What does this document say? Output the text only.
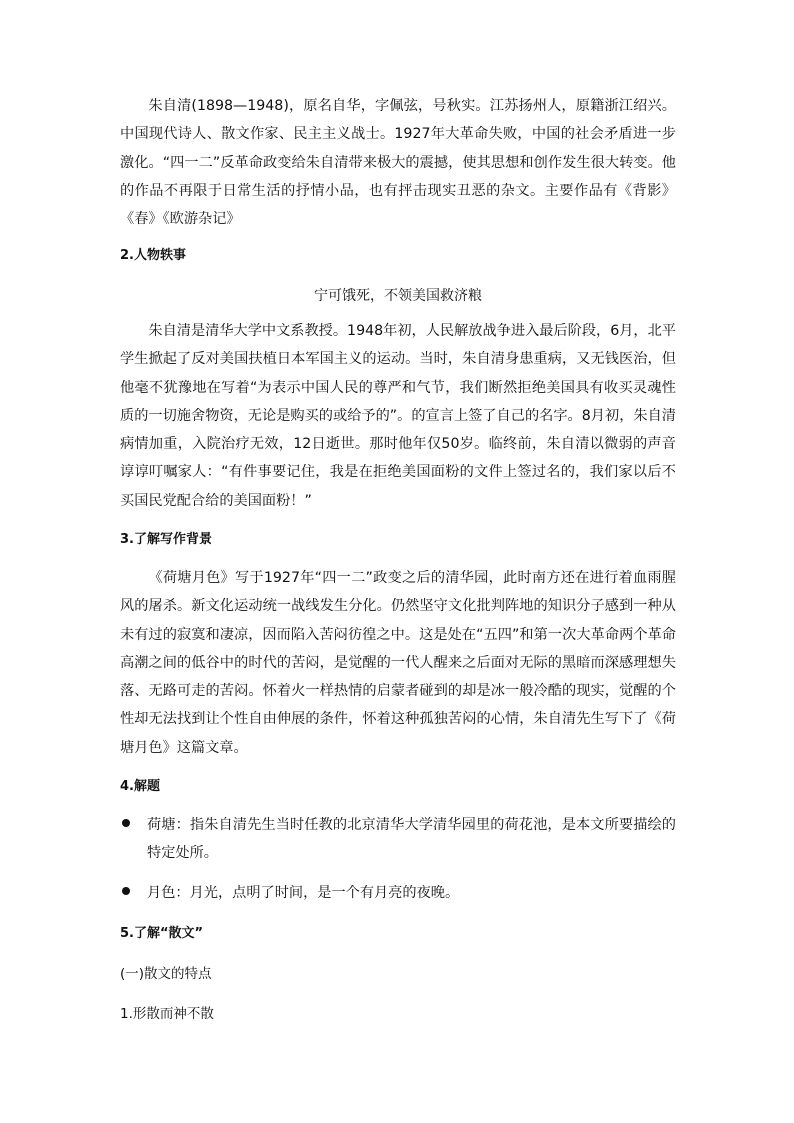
朱自清(1898—1948)，原名自华，字佩弦，号秋实。江苏扬州人，原籍浙江绍兴。中国现代诗人、散文作家、民主主义战士。1927年大革命失败，中国的社会矛盾进一步激化。“四一二”反革命政变给朱自清带来极大的震撼，使其思想和创作发生很大转变。他的作品不再限于日常生活的抒情小品，也有抨击现实丑恶的杂文。主要作品有《背影》《春》《欧游杂记》

2.人物轶事

宁可饿死，不领美国救济粮

朱自清是清华大学中文系教授。1948年初，人民解放战争进入最后阶段，6月，北平学生掀起了反对美国扶植日本军国主义的运动。当时，朱自清身患重病，又无钱医治，但他毫不犹豫地在写着“为表示中国人民的尊严和气节，我们断然拒绝美国具有收买灵魂性质的一切施舍物资，无论是购买的或给予的”。的宣言上签了自己的名字。8月初，朱自清病情加重，入院治疗无效，12日逝世。那时他年仅50岁。临终前，朱自清以微弱的声音谆谆叮嘱家人：“有件事要记住，我是在拒绝美国面粉的文件上签过名的，我们家以后不买国民党配合给的美国面粉！”

3.了解写作背景

《荷塘月色》写于1927年“四一二”政变之后的清华园，此时南方还在进行着血雨腥风的屠杀。新文化运动统一战线发生分化。仍然坚守文化批判阵地的知识分子感到一种从未有过的寂寞和凄凉，因而陷入苦闷彷徨之中。这是处在“五四”和第一次大革命两个革命高潮之间的低谷中的时代的苦闷，是觉醒的一代人醒来之后面对无际的黑暗而深感理想失落、无路可走的苦闷。怀着火一样热情的启蒙者碰到的却是冰一般冷酷的现实，觉醒的个性却无法找到让个性自由伸展的条件，怀着这种孤独苦闷的心情，朱自清先生写下了《荷塘月色》这篇文章。

4.解题

荷塘：指朱自清先生当时任教的北京清华大学清华园里的荷花池，是本文所要描绘的特定处所。

月色：月光，点明了时间，是一个有月亮的夜晚。

5.了解“散文”

(一)散文的特点

1.形散而神不散
